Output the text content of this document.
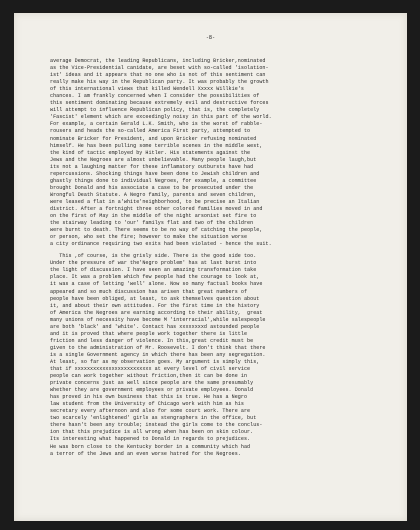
-8-
average Democrat, the leading Republicans, including Bricker,nominated
as the Vice-Presidential canidate, are beset with so-called 'isolation-
ist' ideas and it appears that no one who is not of this sentiment can
really make his way in the Republican party. It was probably the growth
of this international views that killed Wendell Xxxxx Willkie's
chances. I am frankly concerned when I consider the possibilities of
this sentiment dominating because extremely evil and destructive forces
will attempt to influence Republican policy, that is, the completely
'Fascist' element which are exceedingly noisy in this part of the world.
For example, a certain Gerald L.K. Smith, who is the worst of rabble-
rousers and heads the so-called America First party, attempted to
nominate Bricker for President, and upon Bricker refusing nominated
himself. He has been pulling some terrible scenes in the middle west,
the kind of tactic employed by Hitler. His statements against the
Jews and the Negroes are almost unbelievable. Many people laugh,but
its not a laughing matter for these inflamatory outbursts have had
repercussions. Shocking things have been done to Jewish children and
ghastly things done to individual Negroes, for example, a committee
brought Donald and his associate a case to be prosecuted under the
Wrongful Death Statute. A Negro family, parents and seven children,
were leased a flat in a'white'neighborhood, to be precise an Italian
district. After a fortnight three other colored families moved in and
on the first of May in the middle of the night arsonist set fire to
the stairway leading to 'our' familys flat and two of the children
were burnt to death. There seems to be no way of catching the people,
or person, who set the fire; however to make the situation worse
a city ordinance requiring two exits had been violated - hence the suit.
This ,of course, is the grisly side. There is the good side too.
Under the pressure of war the'Negro problem' has at last burst into
the light of discussion. I have seen an amazing transformation take
place. It was a problem which few people had the courage to look at,
it was a case of letting 'well' alone. Now so many factual books have
appeared and so much discussion has arisen that great numbers of
people have been obliged, at least, to ask themselves question about
it, and about their own attitudes. For the first time in the history
of America the Negroes are earning according to their ability,  great
many unions of necessity have become M 'interracial',while salespeople
are both 'black' and 'white'. Contact has xxxxxxxxd astounded people
and it is proved that where people work together there is little
friction and less danger of violence. In this,great credit must be
given to the administration of Mr. Roosevelt. I don't think that there
is a single Government agency in which there has been any segregation.
At least, so far as my observation goes. My argument is simply this,
that if xxxxxxxxxxxxxxxxxxxxxxxxx at every level of civil service
people can work together without friction,then it can be done in
private concerns just as well since people are the same presumably
whether they are government employees or private employees. Donald
has proved in his own business that this is true. He has a Negro
law student from the University of Chicago work with him as his
secretary every afternoon and also for some court work. There are
two scarcely 'enlightened' girls as stengraphers in the office, but
there hasn't been any trouble; instead the girls come to the conclus-
ion that this prejudice is all wrong when has been on skin colour.
Its interesting what happened to Donald in regards to prejudices.
He was born close to the Kentucky border in a community which had
a terror of the Jews and an even worse hatred for the Negroes.
